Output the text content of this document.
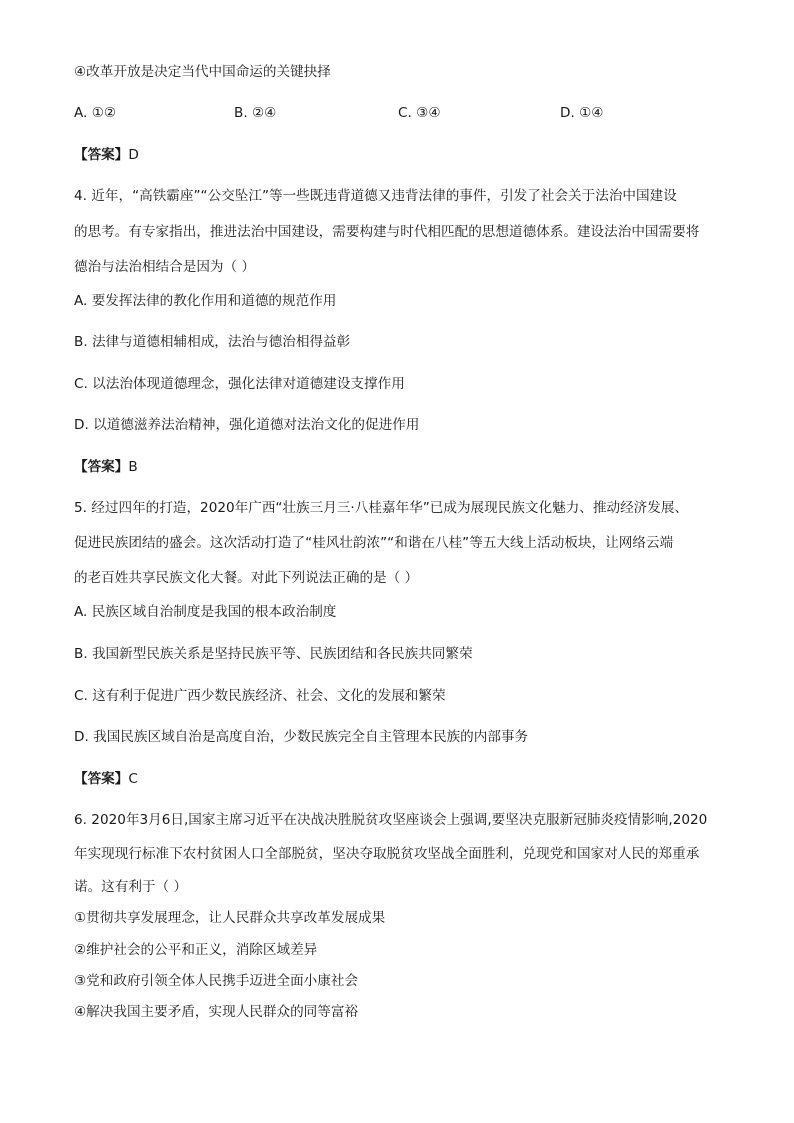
④改革开放是决定当代中国命运的关键抉择
A. ①②	B. ②④	C. ③④	D. ①④
【答案】D
4. 近年，“高铁霸座”“公交坠江”等一些既违背道德又违背法律的事件，引发了社会关于法治中国建设
的思考。有专家指出，推进法治中国建设，需要构建与时代相匹配的思想道德体系。建设法治中国需要将
德治与法治相结合是因为（ ）
A. 要发挥法律的教化作用和道德的规范作用
B. 法律与道德相辅相成，法治与德治相得益彰
C. 以法治体现道德理念，强化法律对道德建设支撑作用
D. 以道德滋养法治精神，强化道德对法治文化的促进作用
【答案】B
5. 经过四年的打造，2020年广西“壮族三月三·八桂嘉年华”已成为展现民族文化魅力、推动经济发展、
促进民族团结的盛会。这次活动打造了“桂风壮韵浓”“和谐在八桂”等五大线上活动板块，让网络云端
的老百姓共享民族文化大餐。对此下列说法正确的是（ ）
A. 民族区域自治制度是我国的根本政治制度
B. 我国新型民族关系是坚持民族平等、民族团结和各民族共同繁荣
C. 这有利于促进广西少数民族经济、社会、文化的发展和繁荣
D. 我国民族区域自治是高度自治，少数民族完全自主管理本民族的内部事务
【答案】C
6. 2020年3月6日,国家主席习近平在决战决胜脱贫攻坚座谈会上强调,要坚决克服新冠肺炎疫情影响,2020
年实现现行标准下农村贫困人口全部脱贫，坚决夺取脱贫攻坚战全面胜利，兑现党和国家对人民的郑重承
诺。这有利于（ ）
①贯彻共享发展理念，让人民群众共享改革发展成果
②维护社会的公平和正义，消除区域差异
③党和政府引领全体人民携手迈进全面小康社会
④解决我国主要矛盾，实现人民群众的同等富裕
